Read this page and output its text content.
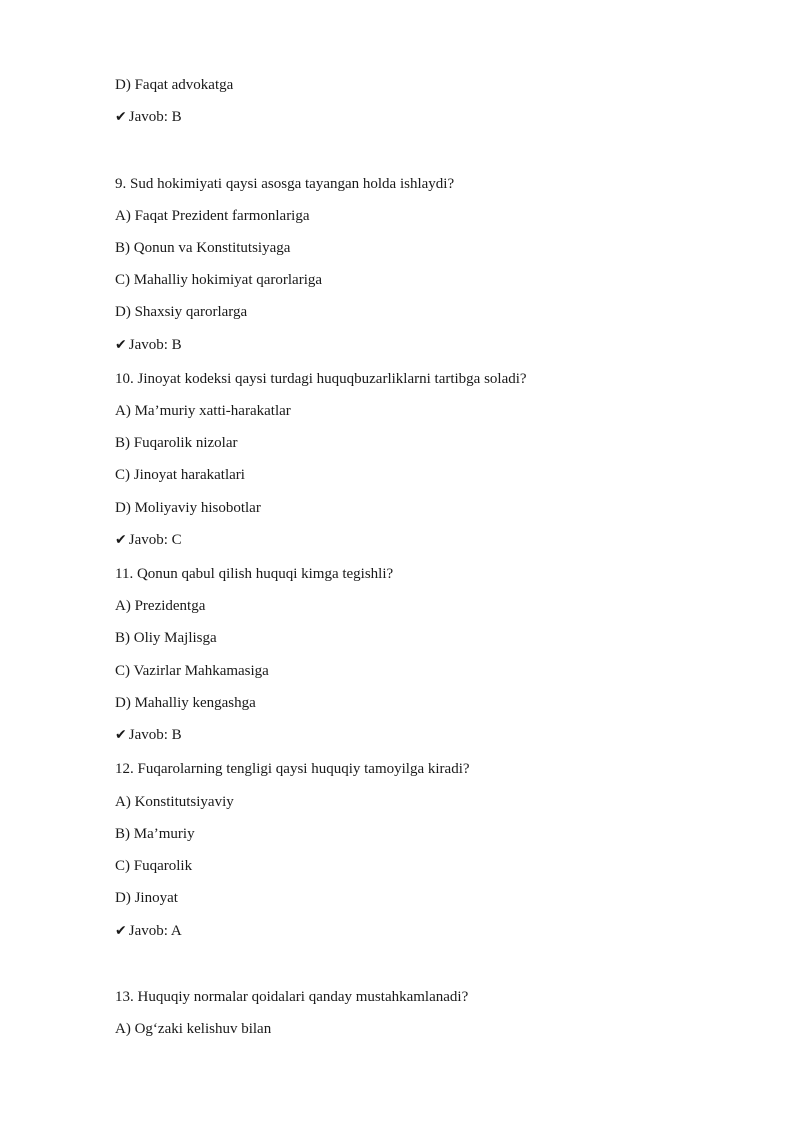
D) Faqat advokatga
✔ Javob: B
9. Sud hokimiyati qaysi asosga tayangan holda ishlaydi?
A) Faqat Prezident farmonlariga
B) Qonun va Konstitutsiyaga
C) Mahalliy hokimiyat qarorlariga
D) Shaxsiy qarorlarga
✔ Javob: B
10. Jinoyat kodeksi qaysi turdagi huquqbuzarliklarni tartibga soladi?
A) Ma’muriy xatti-harakatlar
B) Fuqarolik nizolar
C) Jinoyat harakatlari
D) Moliyaviy hisobotlar
✔ Javob: C
11. Qonun qabul qilish huquqi kimga tegishli?
A) Prezidentga
B) Oliy Majlisga
C) Vazirlar Mahkamasiga
D) Mahalliy kengashga
✔ Javob: B
12. Fuqarolarning tengligi qaysi huquqiy tamoyilga kiradi?
A) Konstitutsiyaviy
B) Ma’muriy
C) Fuqarolik
D) Jinoyat
✔ Javob: A
13. Huquqiy normalar qoidalari qanday mustahkamlanadi?
A) Og‘zaki kelishuv bilan
